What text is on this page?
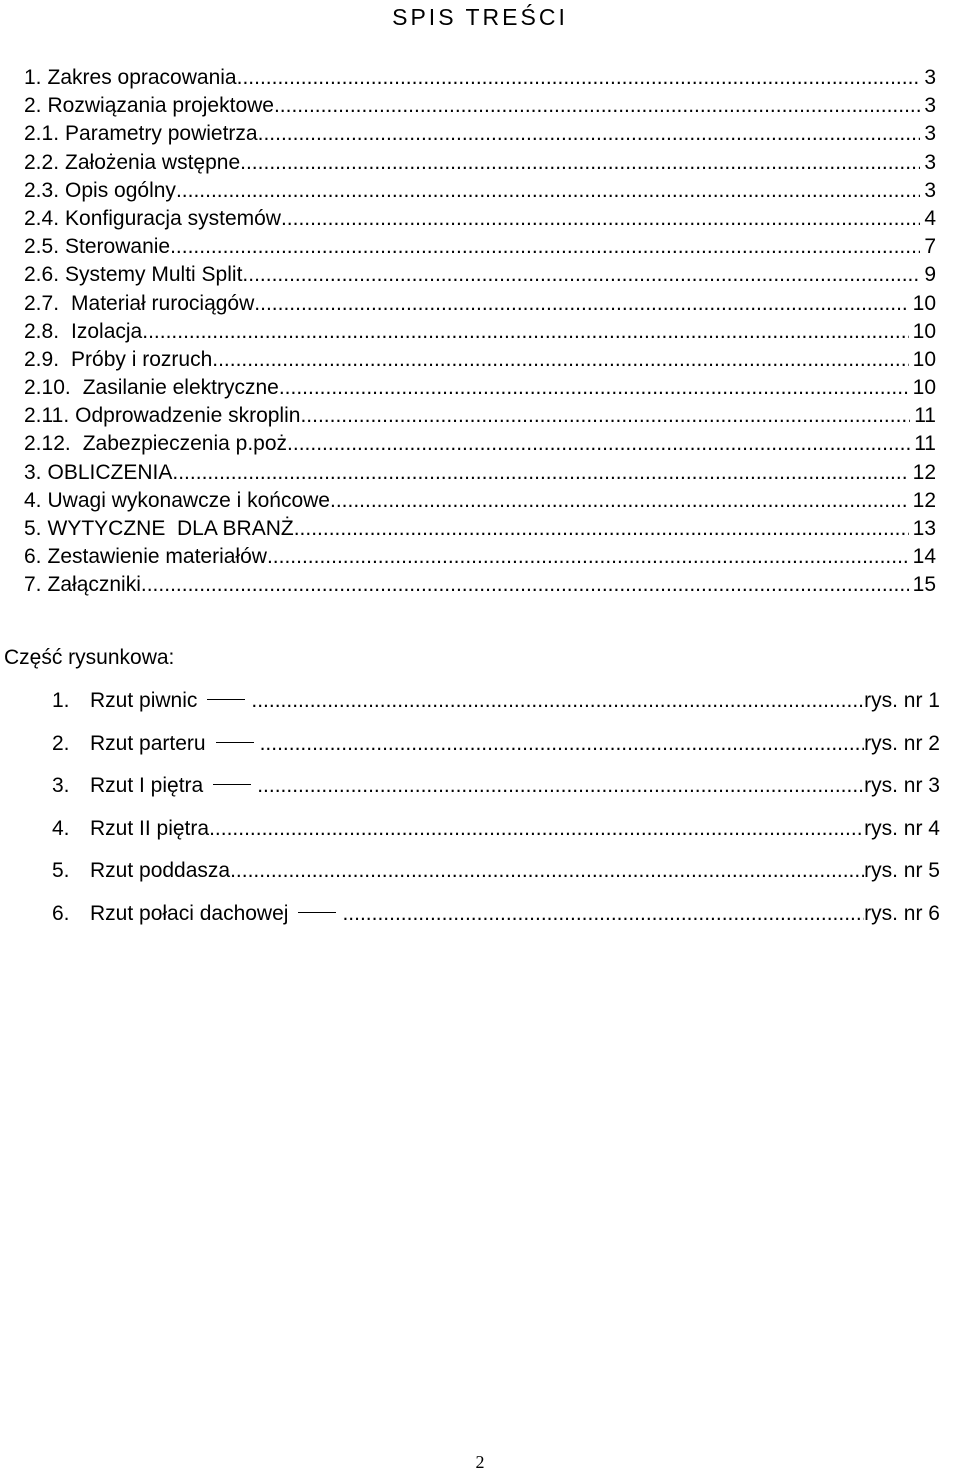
SPIS TREŚCI
1. Zakres opracowania .....	3
2. Rozwiązania projektowe .....	3
2.1. Parametry powietrza .....	3
2.2. Założenia wstępne .....	3
2.3. Opis ogólny .....	3
2.4. Konfiguracja systemów .....	4
2.5. Sterowanie .....	7
2.6. Systemy Multi Split .....	9
2.7. Materiał rurociągów .....	10
2.8. Izolacja .....	10
2.9. Próby i rozruch .....	10
2.10. Zasilanie elektryczne .....	10
2.11. Odprowadzenie skroplin .....	11
2.12. Zabezpieczenia p.poż. .....	11
3. OBLICZENIA .....	12
4. Uwagi wykonawcze i końcowe .....	12
5. WYTYCZNE  DLA BRANŻ .....	13
6. Zestawienie materiałów .....	14
7. Załączniki .....	15
Część rysunkowa:
1. Rzut piwnic .....	rys. nr 1
2. Rzut parteru .....	rys. nr 2
3. Rzut I piętra .....	rys. nr 3
4. Rzut II piętra .....	rys. nr 4
5. Rzut poddasza .....	rys. nr 5
6. Rzut połaci dachowej .....	rys. nr 6
2
